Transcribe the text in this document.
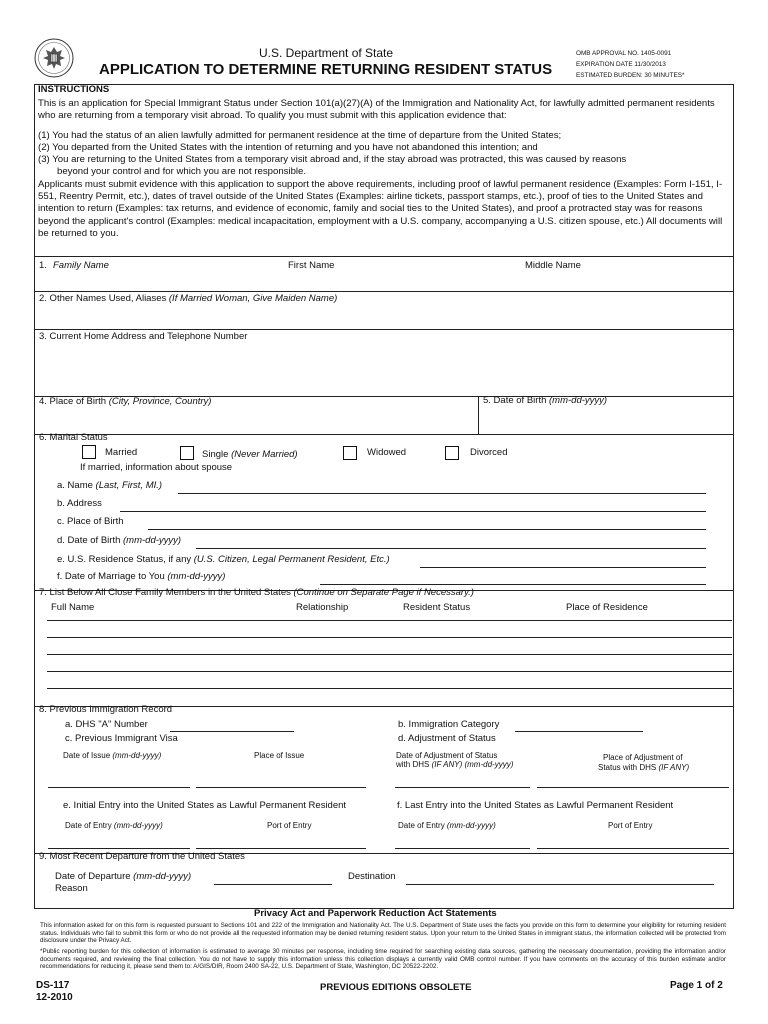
U.S. Department of State
APPLICATION TO DETERMINE RETURNING RESIDENT STATUS
OMB APPROVAL NO. 1405-0091
EXPIRATION DATE 11/30/2013
ESTIMATED BURDEN: 30 MINUTES*
INSTRUCTIONS

This is an application for Special Immigrant Status under Section 101(a)(27)(A) of the Immigration and Nationality Act, for lawfully admitted permanent residents who are returning from a temporary visit abroad. To qualify you must submit with this application evidence that:

(1) You had the status of an alien lawfully admitted for permanent residence at the time of departure from the United States;

(2) You departed from the United States with the intention of returning and you have not abandoned this intention; and

(3) You are returning to the United States from a temporary visit abroad and, if the stay abroad was protracted, this was caused by reasons

beyond your control and for which you are not responsible.

Applicants must submit evidence with this application to support the above requirements, including proof of lawful permanent residence (Examples: Form I-151, I-551, Reentry Permit, etc.), dates of travel outside of the United States (Examples: airline tickets, passport stamps, etc.), proof of ties to the United States and intention to return (Examples: tax returns, and evidence of economic, family and social ties to the United States), and proof a protracted stay was for reasons beyond the applicant's control (Examples: medical incapacitation, employment with a U.S. company, accompanying a U.S. citizen spouse, etc.) All documents will be returned to you.

1. Family Name	First Name	Middle Name
2. Other Names Used, Aliases (If Married Woman, Give Maiden Name)
3. Current Home Address and Telephone Number
4. Place of Birth (City, Province, Country)	5. Date of Birth (mm-dd-yyyy)
6. Marital Status
Married	Single (Never Married)	Widowed	Divorced
If married, information about spouse
a. Name (Last, First, MI.)
b. Address
c. Place of Birth
d. Date of Birth (mm-dd-yyyy)
e. U.S. Residence Status, if any (U.S. Citizen, Legal Permanent Resident, Etc.)
f. Date of Marriage to You (mm-dd-yyyy)
7. List Below All Close Family Members in the United States (Continue on Separate Page if Necessary.)
Full Name	Relationship	Resident Status	Place of Residence
8. Previous Immigration Record
a. DHS "A" Number	b. Immigration Category
c. Previous Immigrant Visa	d. Adjustment of Status
Date of Issue (mm-dd-yyyy)	Place of Issue	Date of Adjustment of Status
with DHS (IF ANY) (mm-dd-yyyy)
Place of Adjustment of
Status with DHS (IF ANY)
e. Initial Entry into the United States as Lawful Permanent Resident	f. Last Entry into the United States as Lawful Permanent Resident
Date of Entry (mm-dd-yyyy)	Port of Entry	Date of Entry (mm-dd-yyyy)	Port of Entry
9. Most Recent Departure from the United States
Date of Departure (mm-dd-yyyy)	Destination
Reason
Privacy Act and Paperwork Reduction Act Statements
This information asked for on this form is requested pursuant to Sections 101 and 222 of the Immigration and Nationality Act. The U.S. Department of State uses the facts you provide on this form to determine your eligibility for returning resident status. Individuals who fail to submit this form or who do not provide all the requested information may be denied returning resident status. Upon your return to the United States in immigrant status, the information collected will be protected from disclosure under the Privacy Act.
*Public reporting burden for this collection of information is estimated to average 30 minutes per response, including time required for searching existing data sources, gathering the necessary documentation, providing the information and/or documents required, and reviewing the final collection. You do not have to supply this information unless this collection displays a currently valid OMB control number. If you have comments on the accuracy of this burden estimate and/or recommendations for reducing it, please send them to: A/GIS/DIR, Room 2400 SA-22, U.S. Department of State, Washington, DC 20522-2202.
DS-117
12-2010
PREVIOUS EDITIONS OBSOLETE	Page 1 of 2
